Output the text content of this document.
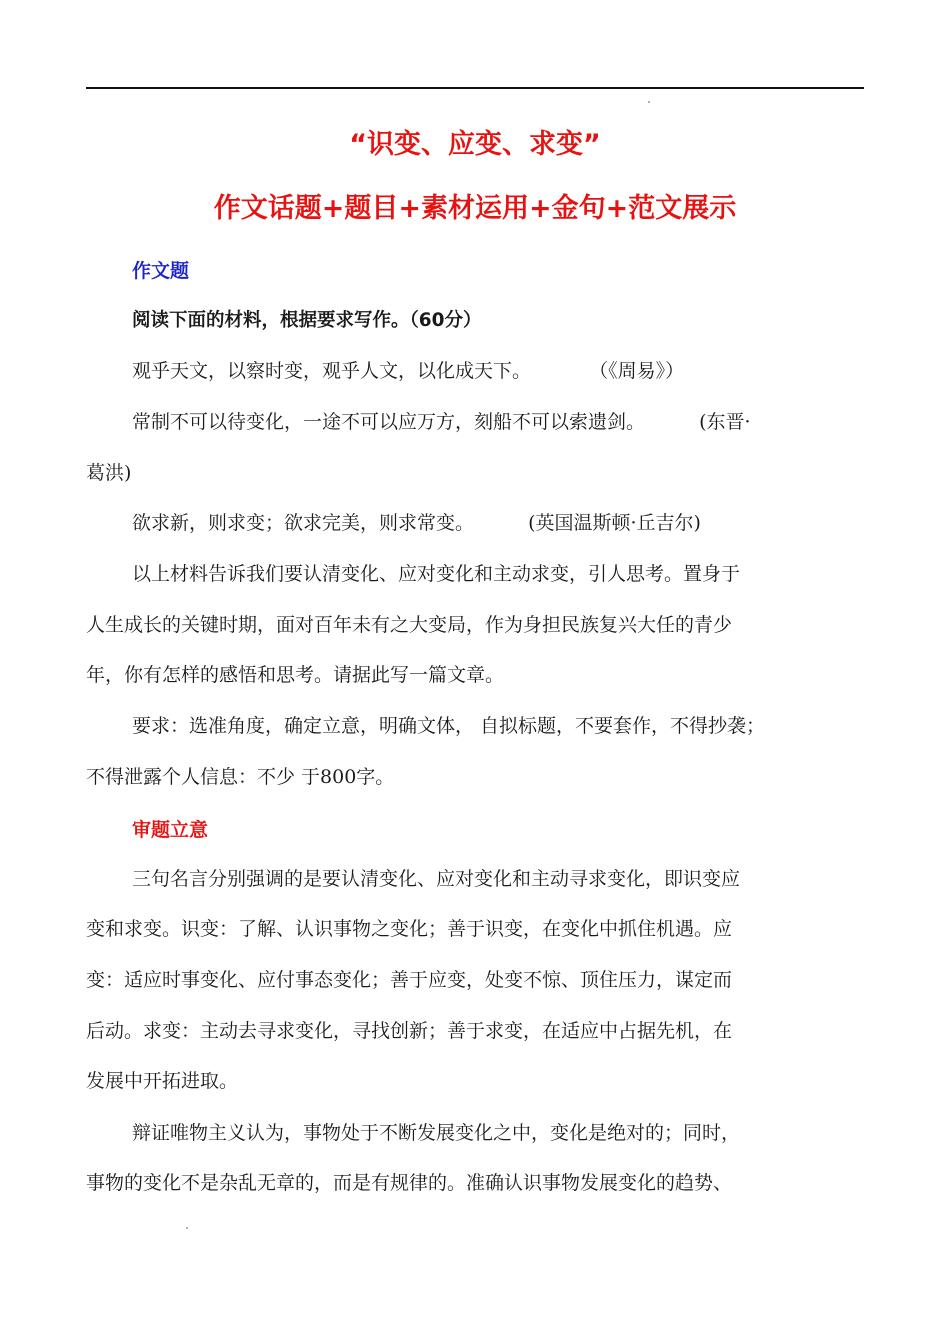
“识变、应变、求变”
作文话题+题目+素材运用+金句+范文展示
作文题
阅读下面的材料，根据要求写作。（60分）
观乎天文，以察时变，观乎人文，以化成天下。	（《周易》）
常制不可以待变化，一途不可以应万方，刻船不可以索遗剑。	(东晋·
葛洪)
欲求新，则求变；欲求完美，则求常变。	(英国温斯顿·丘吉尔)
以上材料告诉我们要认清变化、应对变化和主动求变，引人思考。置身于
人生成长的关键时期，面对百年未有之大变局，作为身担民族复兴大任的青少
年，你有怎样的感悟和思考。请据此写一篇文章。
要求：选准角度，确定立意，明确文体， 自拟标题，不要套作，不得抄袭；
不得泄露个人信息：不少 于800字。
审题立意
三句名言分别强调的是要认清变化、应对变化和主动寻求变化，即识变应
变和求变。识变：了解、认识事物之变化；善于识变，在变化中抓住机遇。应
变：适应时事变化、应付事态变化；善于应变，处变不惊、顶住压力，谋定而
后动。求变：主动去寻求变化，寻找创新；善于求变，在适应中占据先机，在
发展中开拓进取。
辩证唯物主义认为，事物处于不断发展变化之中，变化是绝对的；同时，
事物的变化不是杂乱无章的，而是有规律的。准确认识事物发展变化的趋势、
